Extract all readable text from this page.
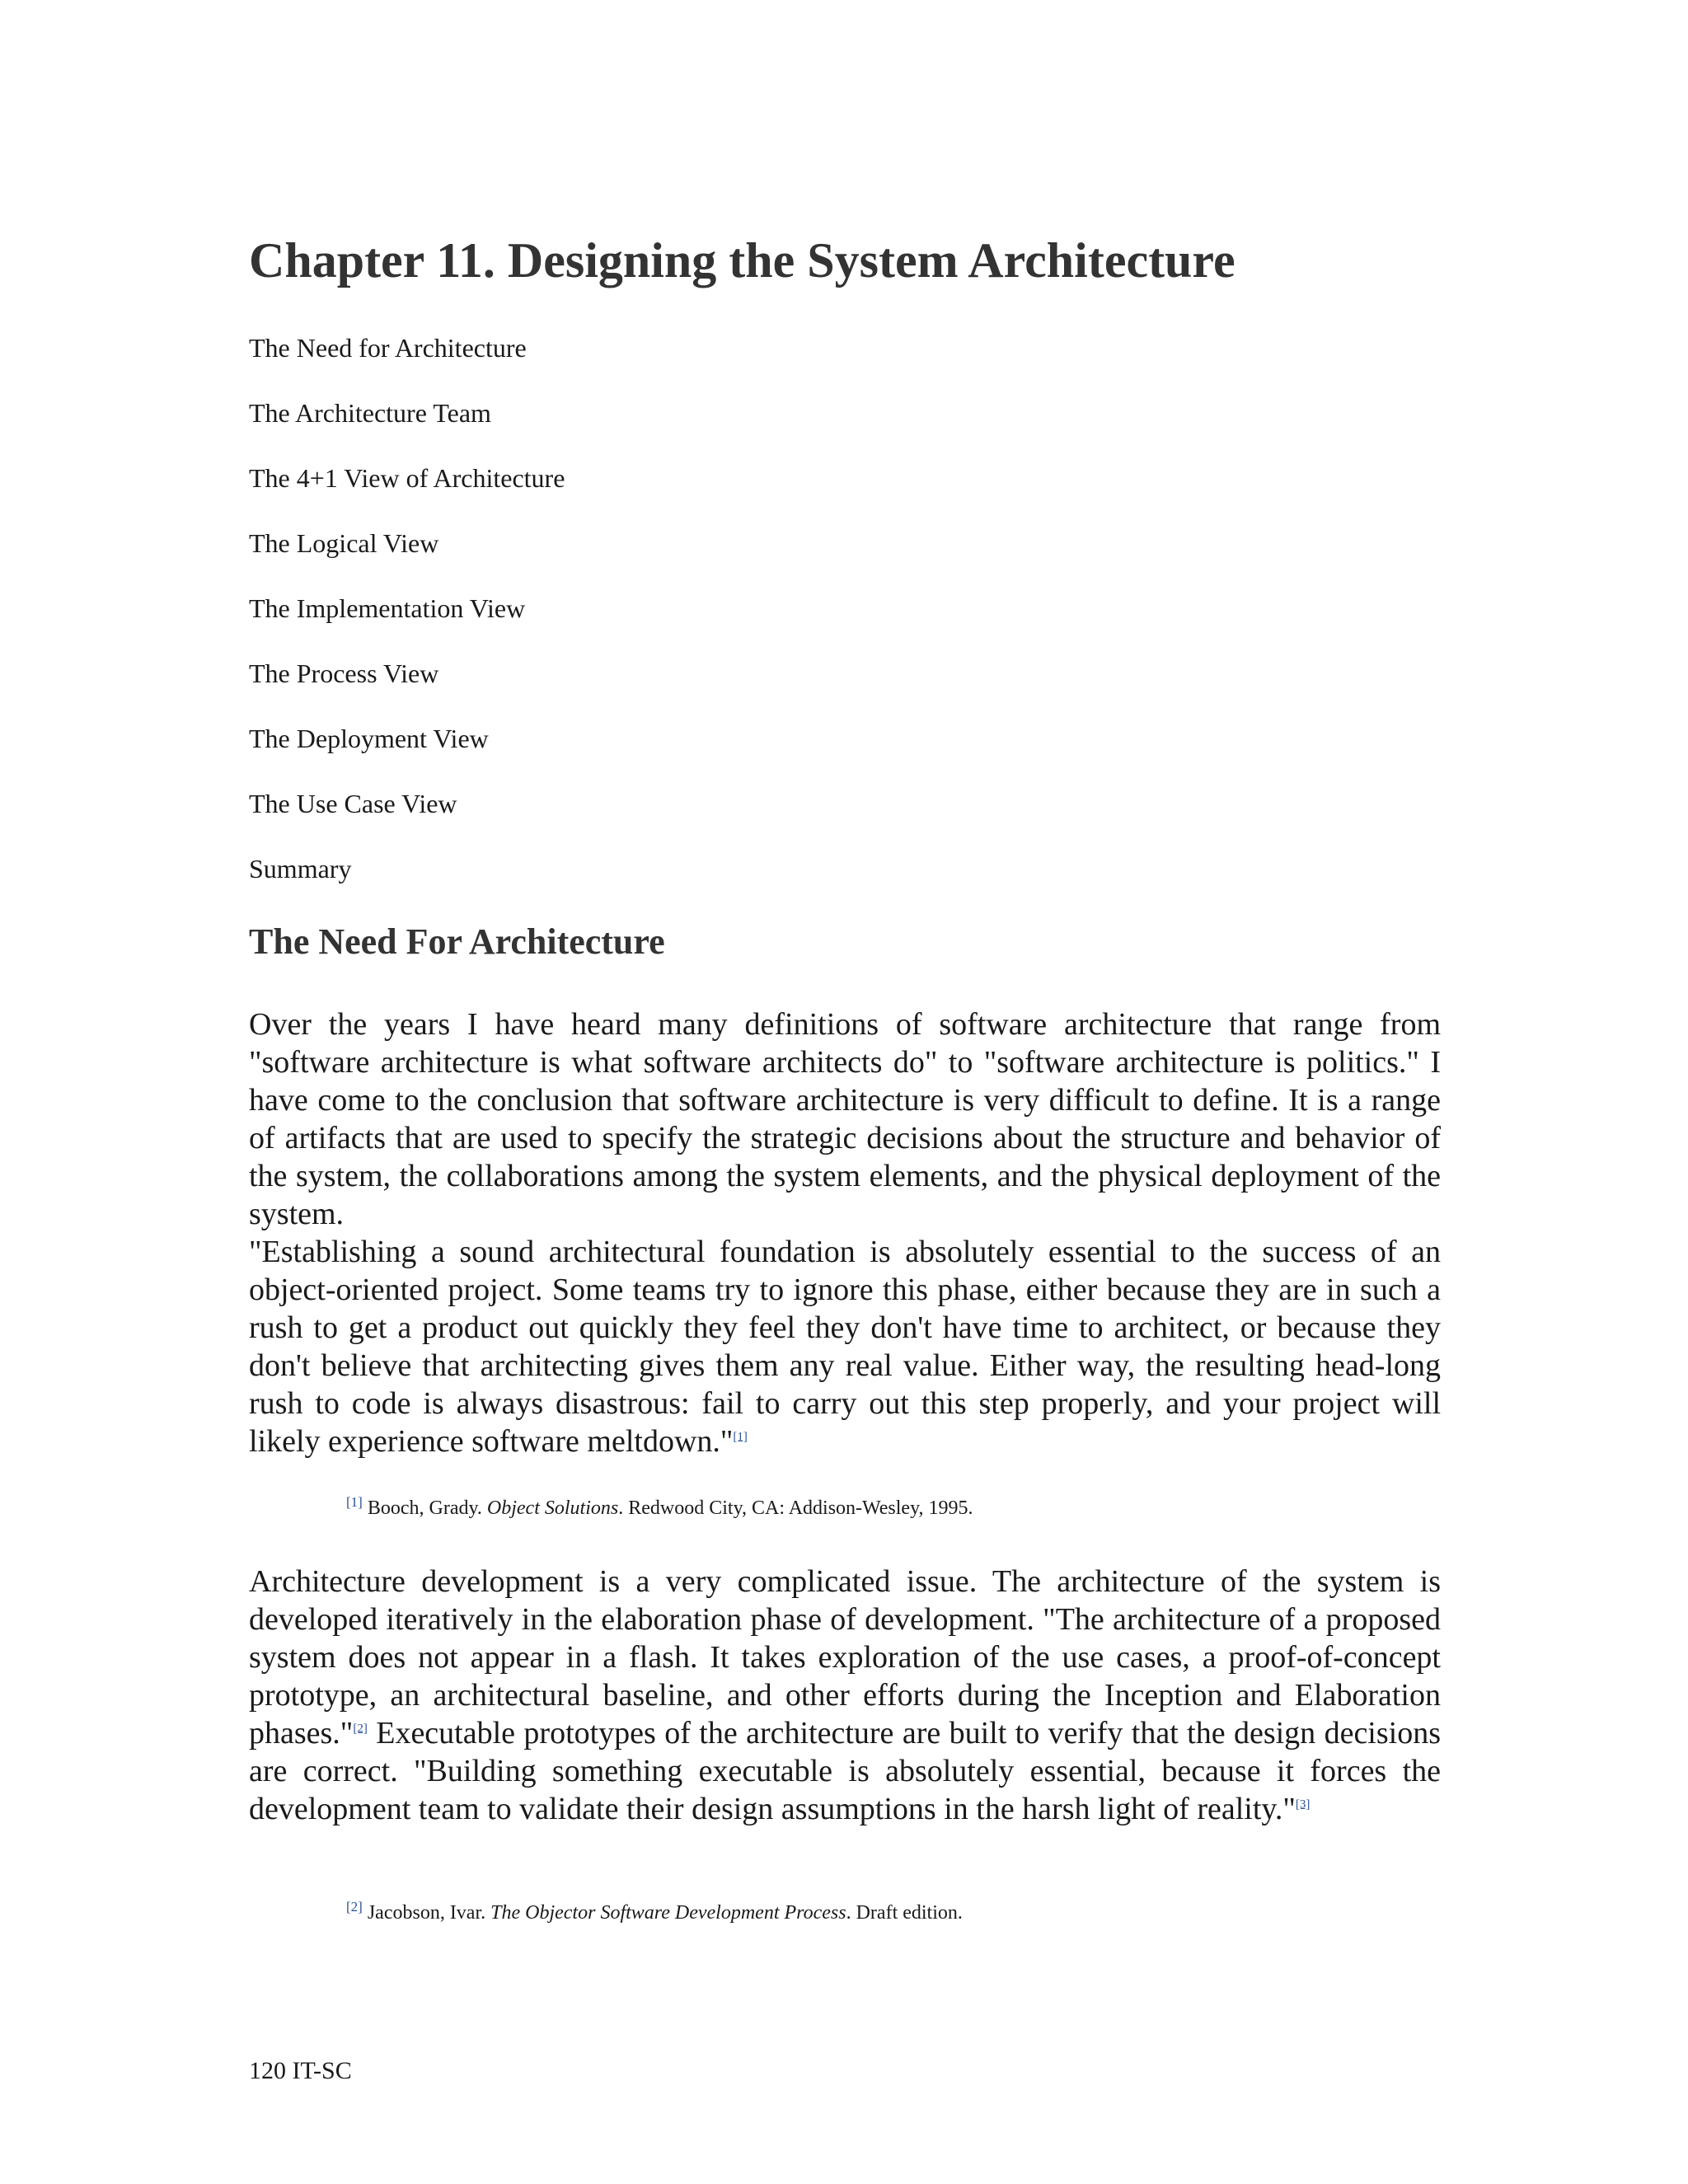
Chapter 11. Designing the System Architecture
The Need for Architecture
The Architecture Team
The 4+1 View of Architecture
The Logical View
The Implementation View
The Process View
The Deployment View
The Use Case View
Summary
The Need For Architecture

Over the years I have heard many definitions of software architecture that range from "software architecture is what software architects do" to "software architecture is politics." I have come to the conclusion that software architecture is very difficult to define. It is a range of artifacts that are used to specify the strategic decisions about the structure and behavior of the system, the collaborations among the system elements, and the physical deployment of the system.

"Establishing a sound architectural foundation is absolutely essential to the success of an object-oriented project. Some teams try to ignore this phase, either because they are in such a rush to get a product out quickly they feel they don't have time to architect, or because they don't believe that architecting gives them any real value. Either way, the resulting head-long rush to code is always disastrous: fail to carry out this step properly, and your project will likely experience software meltdown."[1]

[1] Booch, Grady. Object Solutions. Redwood City, CA: Addison-Wesley, 1995.

Architecture development is a very complicated issue. The architecture of the system is developed iteratively in the elaboration phase of development. "The architecture of a proposed system does not appear in a flash. It takes exploration of the use cases, a proof-of-concept prototype, an architectural baseline, and other efforts during the Inception and Elaboration phases."[2] Executable prototypes of the architecture are built to verify that the design decisions are correct. "Building something executable is absolutely essential, because it forces the development team to validate their design assumptions in the harsh light of reality."[3]

[2] Jacobson, Ivar. The Objector Software Development Process. Draft edition.

120 IT-SC
